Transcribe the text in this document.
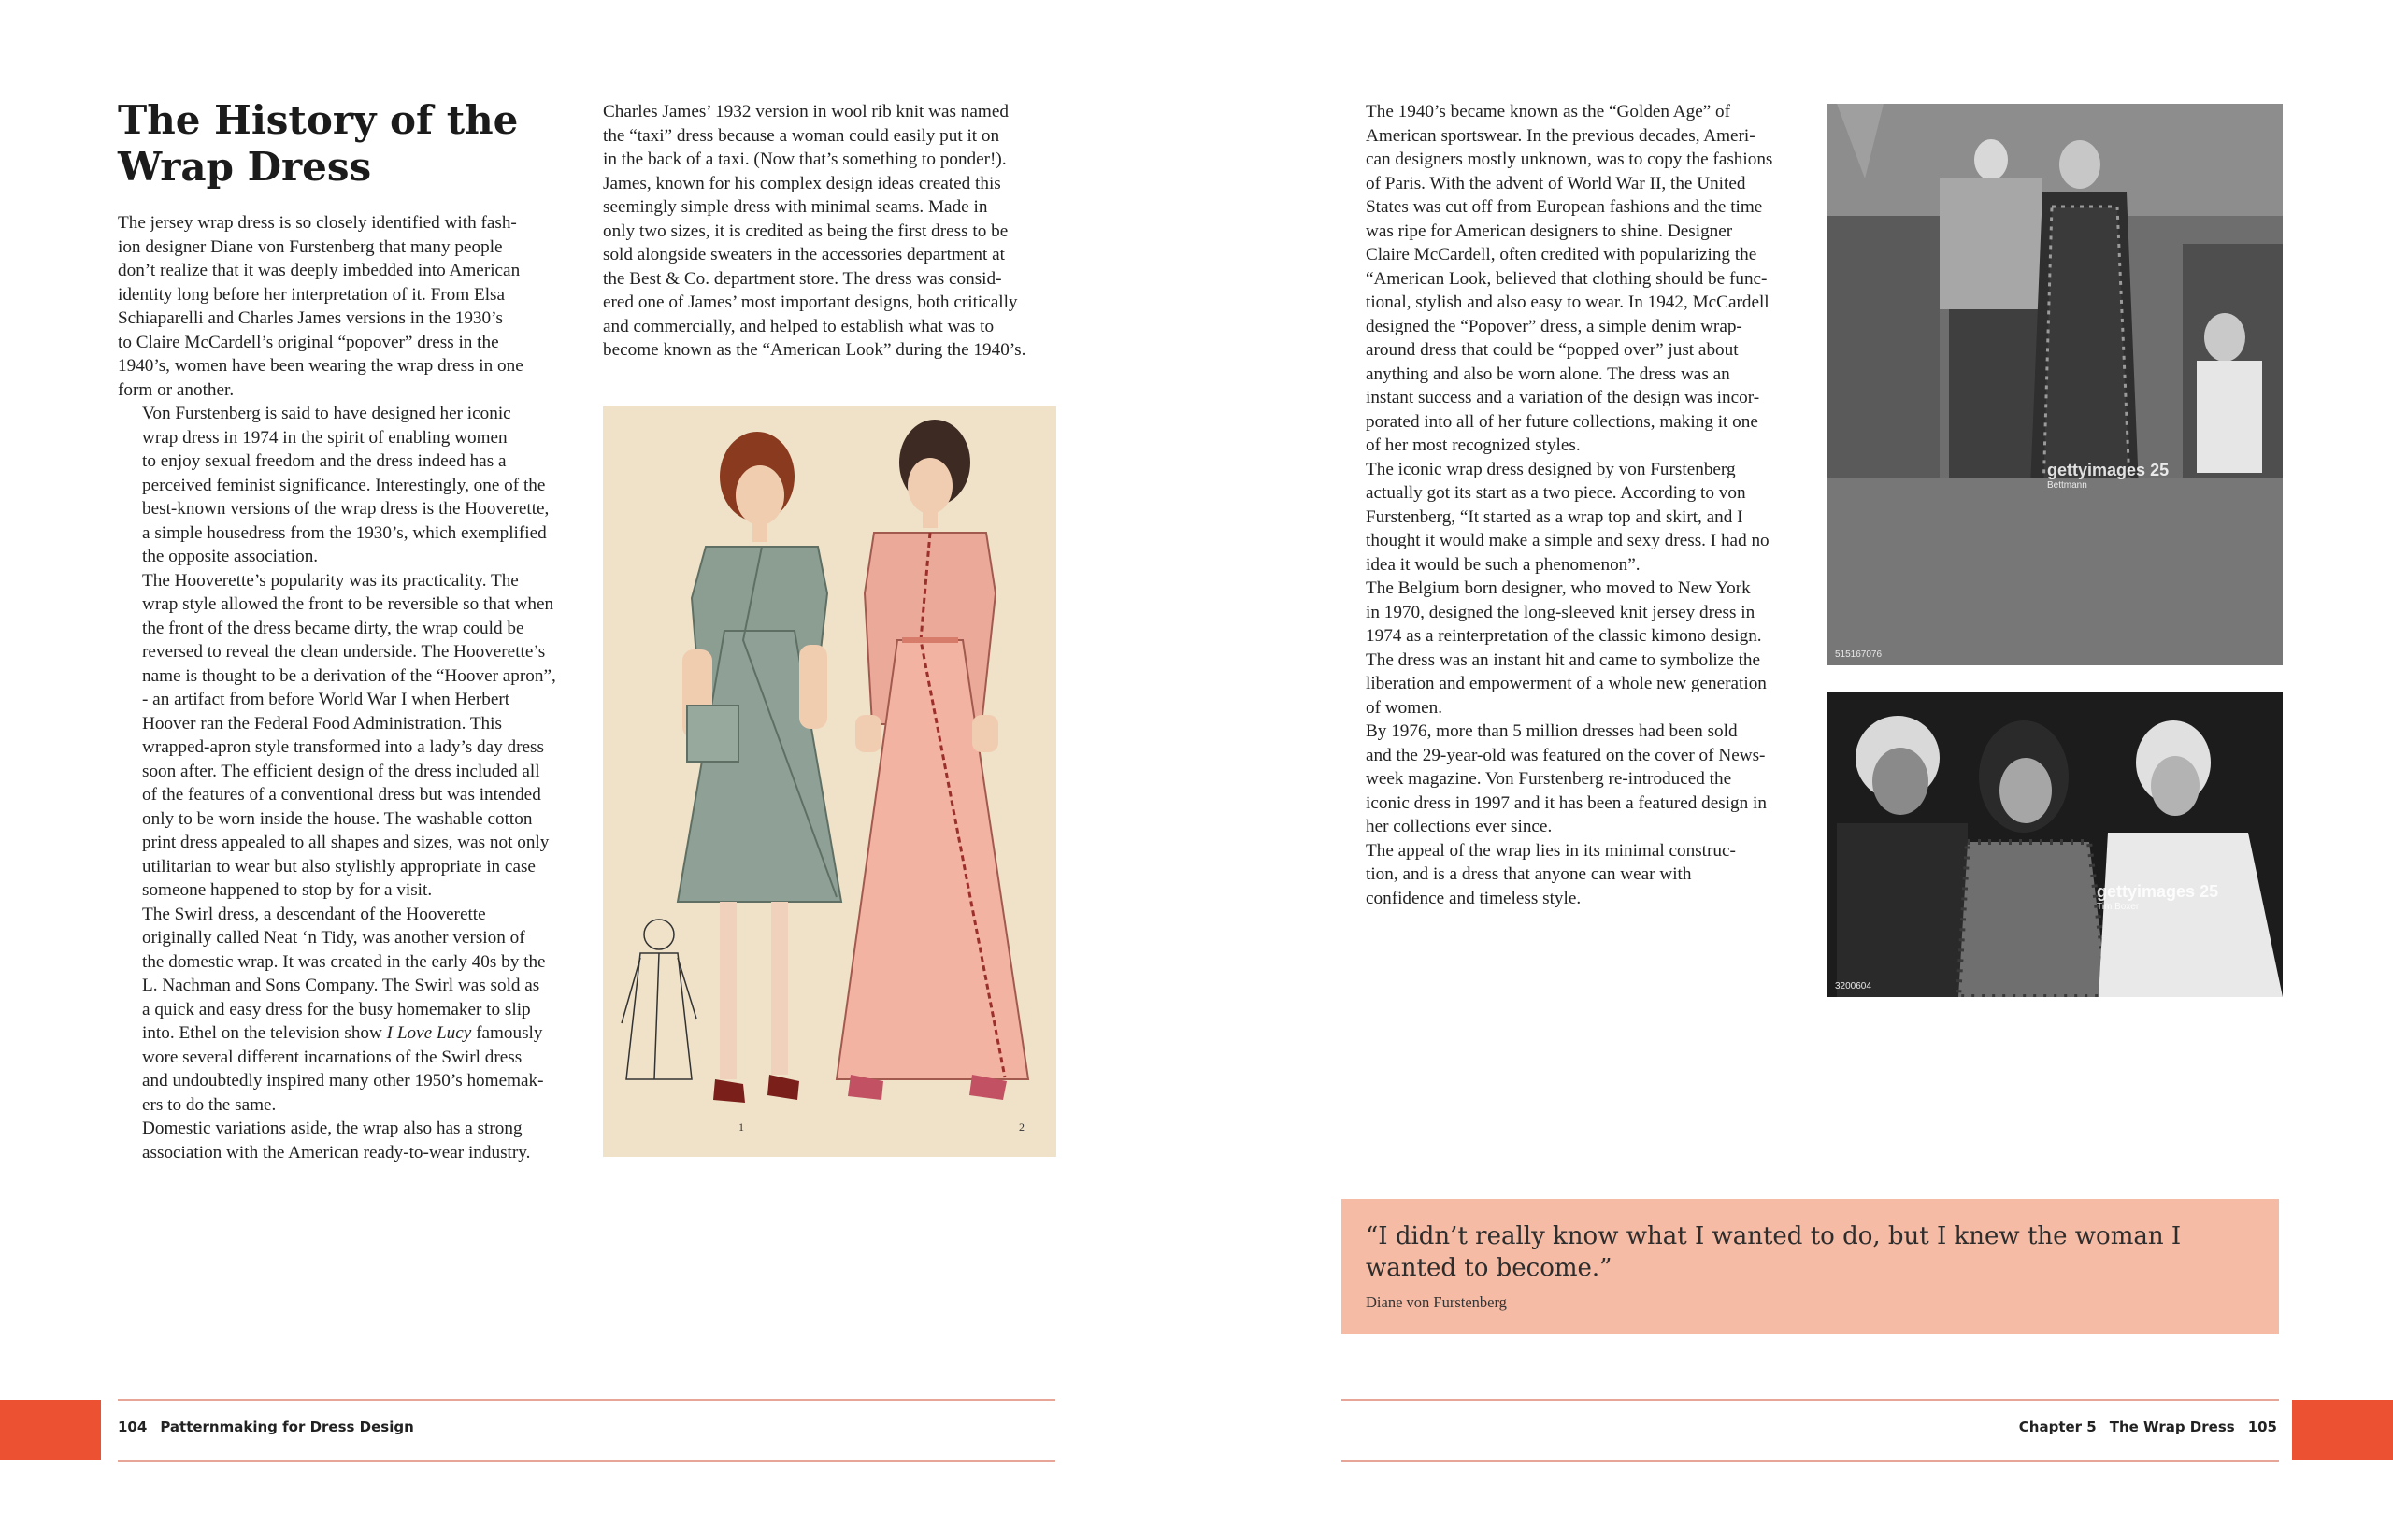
The History of the
Wrap Dress

The jersey wrap dress is so closely identified with fash-
ion designer Diane von Furstenberg that many people
don’t realize that it was deeply imbedded into American
identity long before her interpretation of it. From Elsa
Schiaparelli and Charles James versions in the 1930’s
to Claire McCardell’s original “popover” dress in the
1940’s, women have been wearing the wrap dress in one
form or another.

Von Furstenberg is said to have designed her iconic
wrap dress in 1974 in the spirit of enabling women
to enjoy sexual freedom and the dress indeed has a
perceived feminist significance. Interestingly, one of the
best-known versions of the wrap dress is the Hooverette,
a simple housedress from the 1930’s, which exemplified
the opposite association.

The Hooverette’s popularity was its practicality. The
wrap style allowed the front to be reversible so that when
the front of the dress became dirty, the wrap could be
reversed to reveal the clean underside. The Hooverette’s
name is thought to be a derivation of the “Hoover apron”,
- an artifact from before World War I when Herbert
Hoover ran the Federal Food Administration. This
wrapped-apron style transformed into a lady’s day dress
soon after. The efficient design of the dress included all
of the features of a conventional dress but was intended
only to be worn inside the house. The washable cotton
print dress appealed to all shapes and sizes, was not only
utilitarian to wear but also stylishly appropriate in case
someone happened to stop by for a visit.

The Swirl dress, a descendant of the Hooverette
originally called Neat ‘n Tidy, was another version of
the domestic wrap. It was created in the early 40s by the
L. Nachman and Sons Company. The Swirl was sold as
a quick and easy dress for the busy homemaker to slip
into. Ethel on the television show I Love Lucy famously
wore several different incarnations of the Swirl dress
and undoubtedly inspired many other 1950’s homemak-
ers to do the same.

Domestic variations aside, the wrap also has a strong
association with the American ready-to-wear industry.

Charles James’ 1932 version in wool rib knit was named
the “taxi” dress because a woman could easily put it on
in the back of a taxi. (Now that’s something to ponder!).
James, known for his complex design ideas created this
seemingly simple dress with minimal seams. Made in
only two sizes, it is credited as being the first dress to be
sold alongside sweaters in the accessories department at
the Best & Co. department store. The dress was consid-
ered one of James’ most important designs, both critically
and commercially, and helped to establish what was to
become known as the “American Look” during the 1940’s.

1	2
104 Patternmaking for Dress Design

The 1940’s became known as the “Golden Age” of
American sportswear. In the previous decades, Ameri-
can designers mostly unknown, was to copy the fashions
of Paris. With the advent of World War II, the United
States was cut off from European fashions and the time
was ripe for American designers to shine. Designer
Claire McCardell, often credited with popularizing the
“American Look, believed that clothing should be func-
tional, stylish and also easy to wear. In 1942, McCardell
designed the “Popover” dress, a simple denim wrap-
around dress that could be “popped over” just about
anything and also be worn alone. The dress was an
instant success and a variation of the design was incor-
porated into all of her future collections, making it one
of her most recognized styles.

The iconic wrap dress designed by von Furstenberg
actually got its start as a two piece. According to von
Furstenberg, “It started as a wrap top and skirt, and I
thought it would make a simple and sexy dress. I had no
idea it would be such a phenomenon”.

The Belgium born designer, who moved to New York
in 1970, designed the long-sleeved knit jersey dress in
1974 as a reinterpretation of the classic kimono design.
The dress was an instant hit and came to symbolize the
liberation and empowerment of a whole new generation
of women.

By 1976, more than 5 million dresses had been sold
and the 29-year-old was featured on the cover of News-
week magazine. Von Furstenberg re-introduced the
iconic dress in 1997 and it has been a featured design in
her collections ever since.

The appeal of the wrap lies in its minimal construc-
tion, and is a dress that anyone can wear with
confidence and timeless style.

gettyimages 25
Bettmann
515167076
gettyimages 25
Tim Boxer
3200604

“I didn’t really know what I wanted to do, but I knew the woman I
wanted to become.”

Diane von Furstenberg
Chapter 5 The Wrap Dress 105
